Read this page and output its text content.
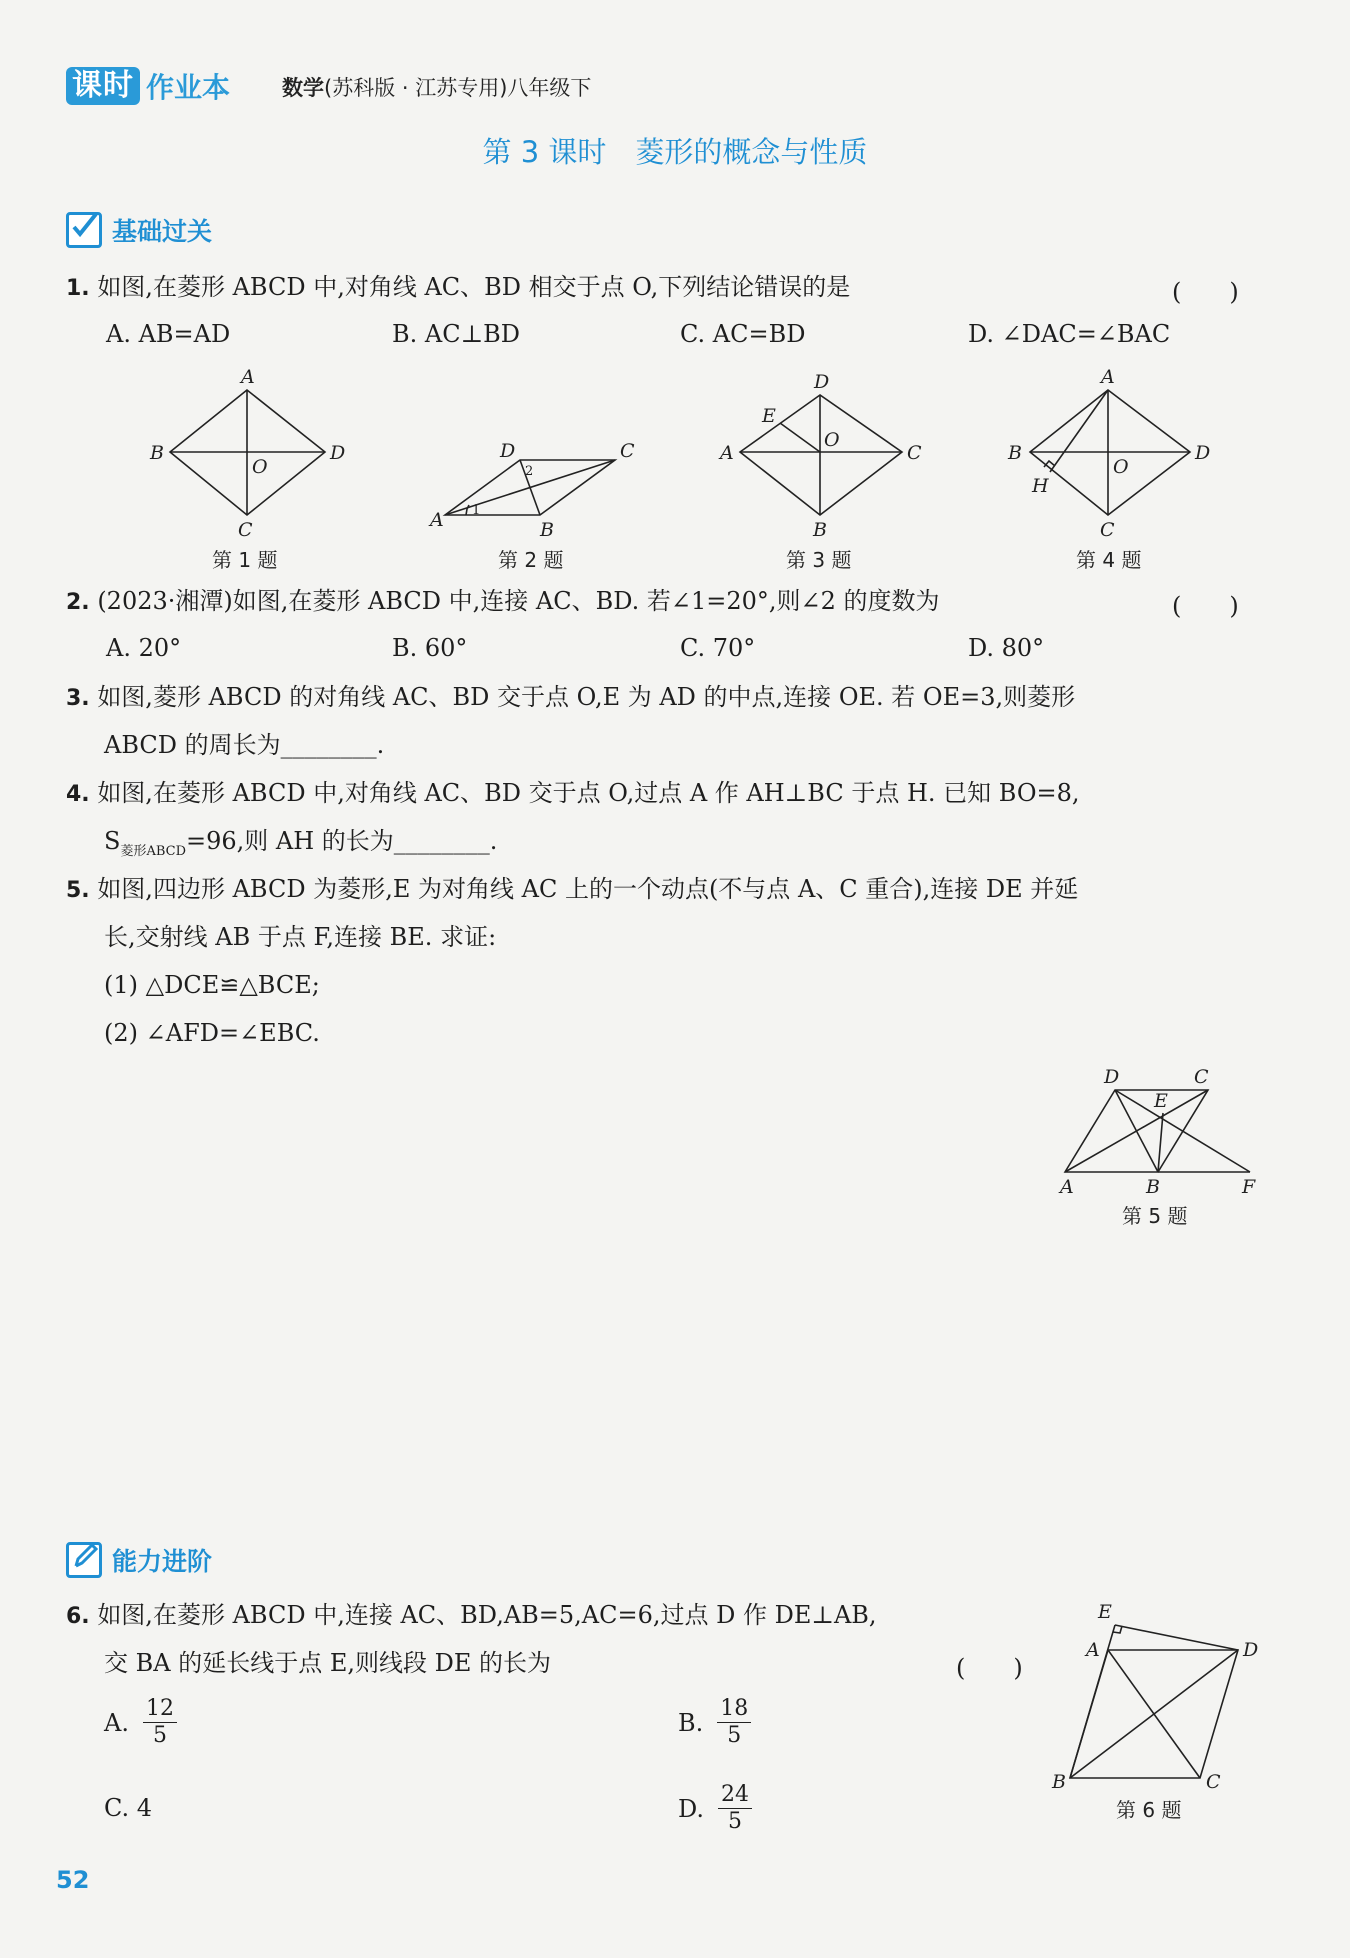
课时 作业本 数学(苏科版 · 江苏专用)八年级下
第 3 课时　菱形的概念与性质
基础过关
1. 如图,在菱形 ABCD 中,对角线 AC、BD 相交于点 O,下列结论错误的是	(　　)
A. AB=AD	B. AC⊥BD	C. AC=BD	D. ∠DAC=∠BAC
A
B
C
D
O
第 1 题
A	B
C
D
1
2
第 2 题
A
B
C
D
E
O
第 3 题
A
B
C
D
H
O
第 4 题
2. (2023·湘潭)如图,在菱形 ABCD 中,连接 AC、BD. 若∠1=20°,则∠2 的度数为	(　　)
A. 20°	B. 60°	C. 70°	D. 80°
3. 如图,菱形 ABCD 的对角线 AC、BD 交于点 O,E 为 AD 的中点,连接 OE. 若 OE=3,则菱形
ABCD 的周长为________.
4. 如图,在菱形 ABCD 中,对角线 AC、BD 交于点 O,过点 A 作 AH⊥BC 于点 H. 已知 BO=8,
$S_{菱形ABCD}=96$,则 AH 的长为________.
5. 如图,四边形 ABCD 为菱形,E 为对角线 AC 上的一个动点(不与点 A、C 重合),连接 DE 并延
长,交射线 AB 于点 F,连接 BE. 求证:
(1) △DCE≌△BCE;
(2) ∠AFD=∠EBC.
A	B
C
D
E
F
第 5 题
能力进阶
6. 如图,在菱形 ABCD 中,连接 AC、BD,AB=5,AC=6,过点 D 作 DE⊥AB,
交 BA 的延长线于点 E,则线段 DE 的长为	(　　)
A. $\frac{12}{5}$	B. $\frac{18}{5}$
C. 4	D. $\frac{24}{5}$
E
A
B	C
D
第 6 题
52
